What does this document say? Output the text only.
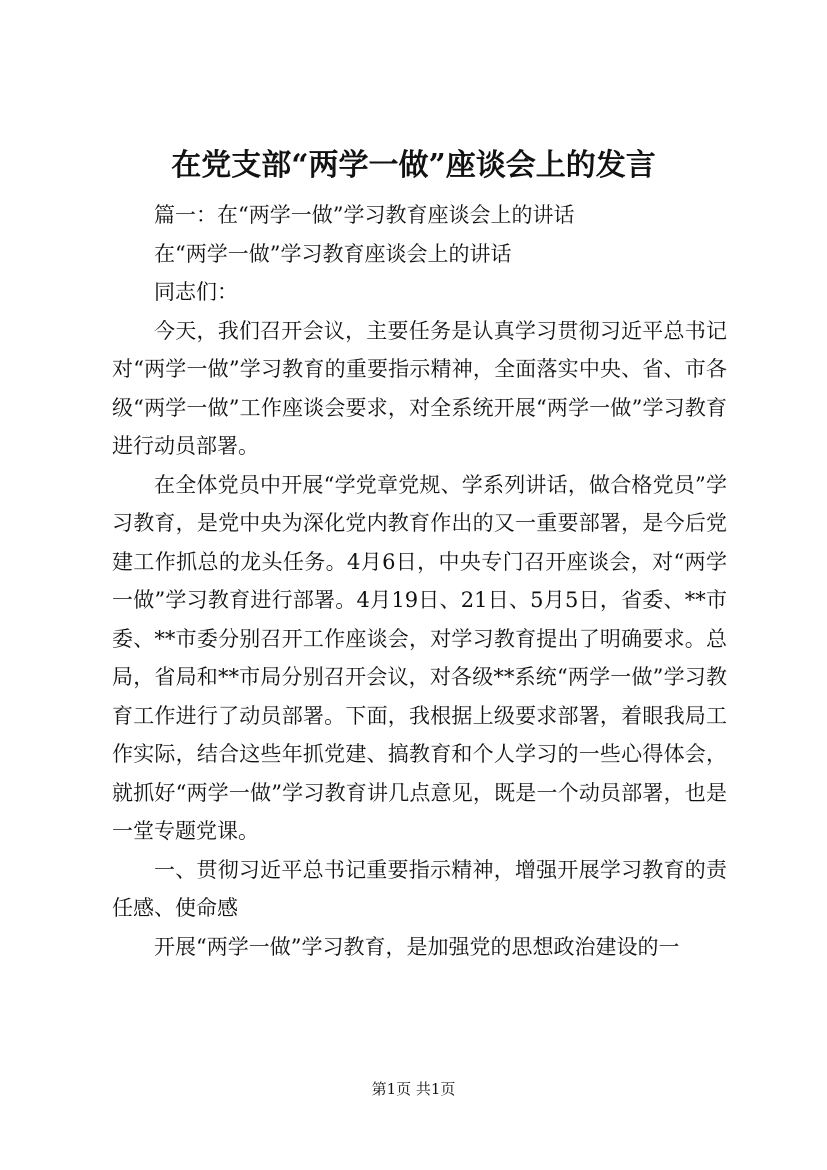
在党支部“两学一做”座谈会上的发言
篇一：在“两学一做”学习教育座谈会上的讲话
在“两学一做”学习教育座谈会上的讲话
同志们：

今天，我们召开会议，主要任务是认真学习贯彻习近平总书记对“两学一做”学习教育的重要指示精神，全面落实中央、省、市各级“两学一做”工作座谈会要求，对全系统开展“两学一做”学习教育进行动员部署。

在全体党员中开展“学党章党规、学系列讲话，做合格党员”学习教育，是党中央为深化党内教育作出的又一重要部署，是今后党建工作抓总的龙头任务。4月6日，中央专门召开座谈会，对“两学一做”学习教育进行部署。4月19日、21日、5月5日，省委、**市委、**市委分别召开工作座谈会，对学习教育提出了明确要求。总局，省局和**市局分别召开会议，对各级**系统“两学一做”学习教育工作进行了动员部署。下面，我根据上级要求部署，着眼我局工作实际，结合这些年抓党建、搞教育和个人学习的一些心得体会，就抓好“两学一做”学习教育讲几点意见，既是一个动员部署，也是一堂专题党课。

一、贯彻习近平总书记重要指示精神，增强开展学习教育的责任感、使命感

开展“两学一做”学习教育，是加强党的思想政治建设的一

第1页 共1页
